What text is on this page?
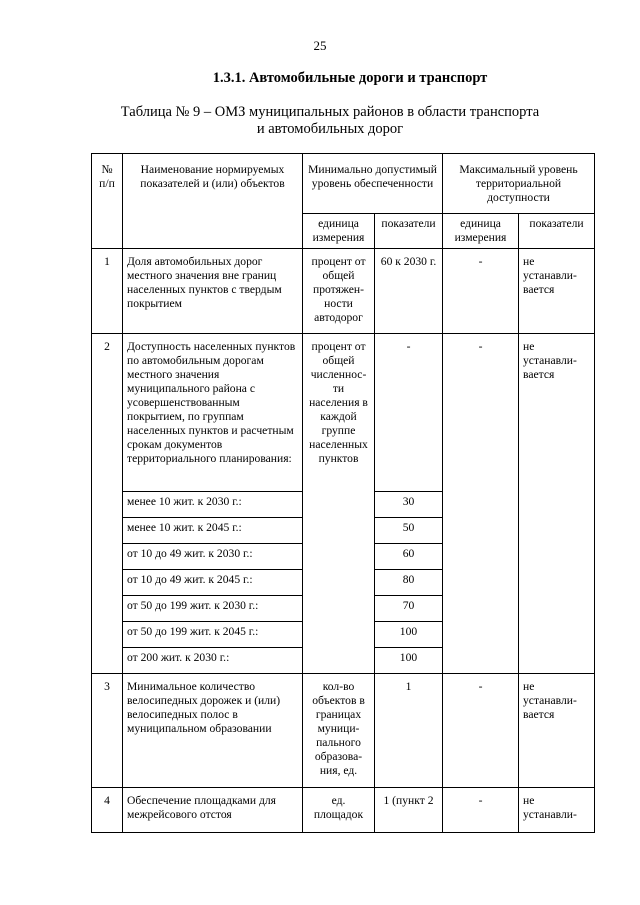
25
1.3.1. Автомобильные дороги и транспорт
Таблица № 9 – ОМЗ муниципальных районов в области транспорта
и автомобильных дорог
№ п/п	Наименование нормируемых показателей и (или) объектов	Минимально допустимый уровень обеспеченности		Максимальный уровень территориальной доступности	
		единица измерения	показатели	единица измерения	показатели
1	Доля автомобильных дорог местного значения вне границ населенных пунктов с твердым покрытием	процент от общей протяжен-ности автодорог	60 к 2030 г.	-	не устанавли-вается
2	Доступность населенных пунктов по автомобильным дорогам местного значения муниципального района с усовершенствованным покрытием, по группам населенных пунктов и расчетным срокам документов территориального планирования:	процент от общей численнос-ти населения в каждой группе населенных пунктов	-	-	не устанавли-вается
	менее 10 жит. к 2030 г.:		30		
	менее 10 жит. к 2045 г.:		50		
	от 10 до 49 жит. к 2030 г.:		60		
	от 10 до 49 жит. к 2045 г.:		80		
	от 50 до 199 жит. к 2030 г.:		70		
	от 50 до 199 жит. к 2045 г.:		100		
	от 200 жит. к 2030 г.:		100		
3	Минимальное количество велосипедных дорожек и (или) велосипедных полос в муниципальном образовании	кол-во объектов в границах муници-пального образова-ния, ед.	1	-	не устанавли-вается
4	Обеспечение площадками для межрейсового отстоя	ед. площадок	1 (пункт 2	-	не устанавли-
